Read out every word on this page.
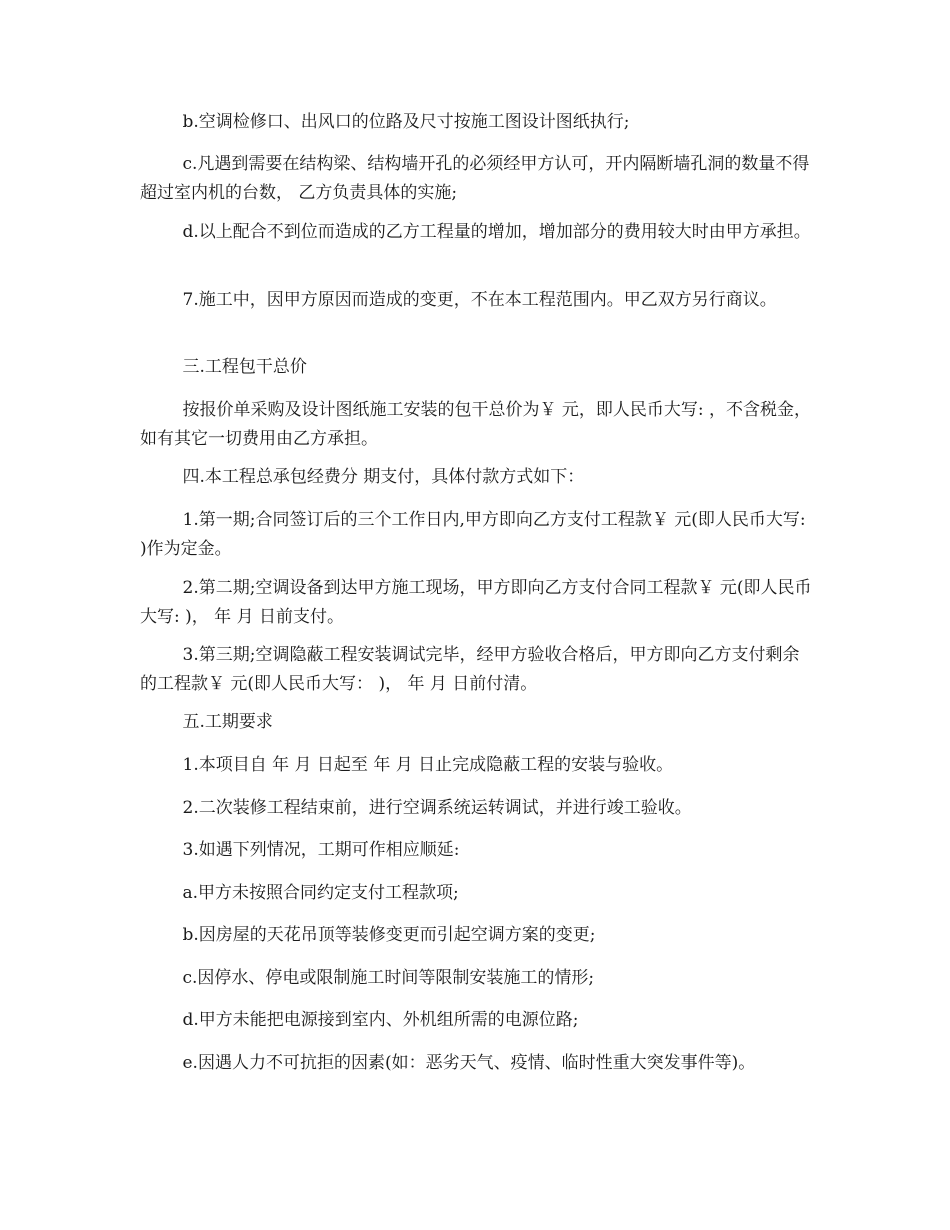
b.空调检修口、出风口的位路及尺寸按施工图设计图纸执行;

c.凡遇到需要在结构梁、结构墙开孔的必须经甲方认可，开内隔断墙孔洞的数量不得超过室内机的台数， 乙方负责具体的实施;

d.以上配合不到位而造成的乙方工程量的增加，增加部分的费用较大时由甲方承担。

7.施工中，因甲方原因而造成的变更，不在本工程范围内。甲乙双方另行商议。

三.工程包干总价

按报价单采购及设计图纸施工安装的包干总价为￥ 元，即人民币大写: ，不含税金，如有其它一切费用由乙方承担。

四.本工程总承包经费分 期支付，具体付款方式如下：

1.第一期;合同签订后的三个工作日内,甲方即向乙方支付工程款￥ 元(即人民币大写: )作为定金。

2.第二期;空调设备到达甲方施工现场，甲方即向乙方支付合同工程款￥ 元(即人民币大写: )， 年 月 日前支付。

3.第三期;空调隐蔽工程安装调试完毕，经甲方验收合格后，甲方即向乙方支付剩余的工程款￥ 元(即人民币大写： )， 年 月 日前付清。

五.工期要求

1.本项目自 年 月 日起至 年 月 日止完成隐蔽工程的安装与验收。

2.二次装修工程结束前，进行空调系统运转调试，并进行竣工验收。

3.如遇下列情况，工期可作相应顺延:

a.甲方未按照合同约定支付工程款项;

b.因房屋的天花吊顶等装修变更而引起空调方案的变更;

c.因停水、停电或限制施工时间等限制安装施工的情形;

d.甲方未能把电源接到室内、外机组所需的电源位路;

e.因遇人力不可抗拒的因素(如：恶劣天气、疫情、临时性重大突发事件等)。
